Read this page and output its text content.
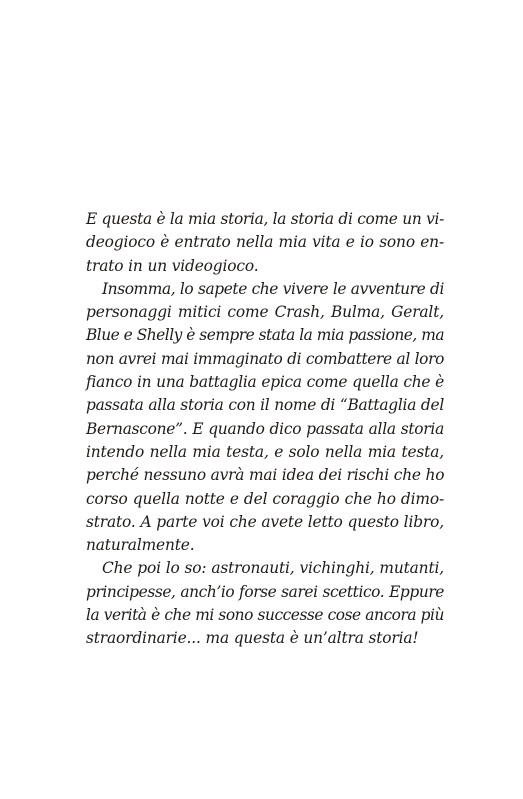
E questa è la mia storia, la storia di come un vi-
deogioco è entrato nella mia vita e io sono en-
trato in un videogioco.
Insomma, lo sapete che vivere le avventure di
personaggi mitici come Crash, Bulma, Geralt,
Blue e Shelly è sempre stata la mia passione, ma
non avrei mai immaginato di combattere al loro
fianco in una battaglia epica come quella che è
passata alla storia con il nome di “Battaglia del
Bernascone”. E quando dico passata alla storia
intendo nella mia testa, e solo nella mia testa,
perché nessuno avrà mai idea dei rischi che ho
corso quella notte e del coraggio che ho dimo-
strato. A parte voi che avete letto questo libro,
naturalmente.
Che poi lo so: astronauti, vichinghi, mutanti,
principesse, anch’io forse sarei scettico. Eppure
la verità è che mi sono successe cose ancora più
straordinarie... ma questa è un’altra storia!
